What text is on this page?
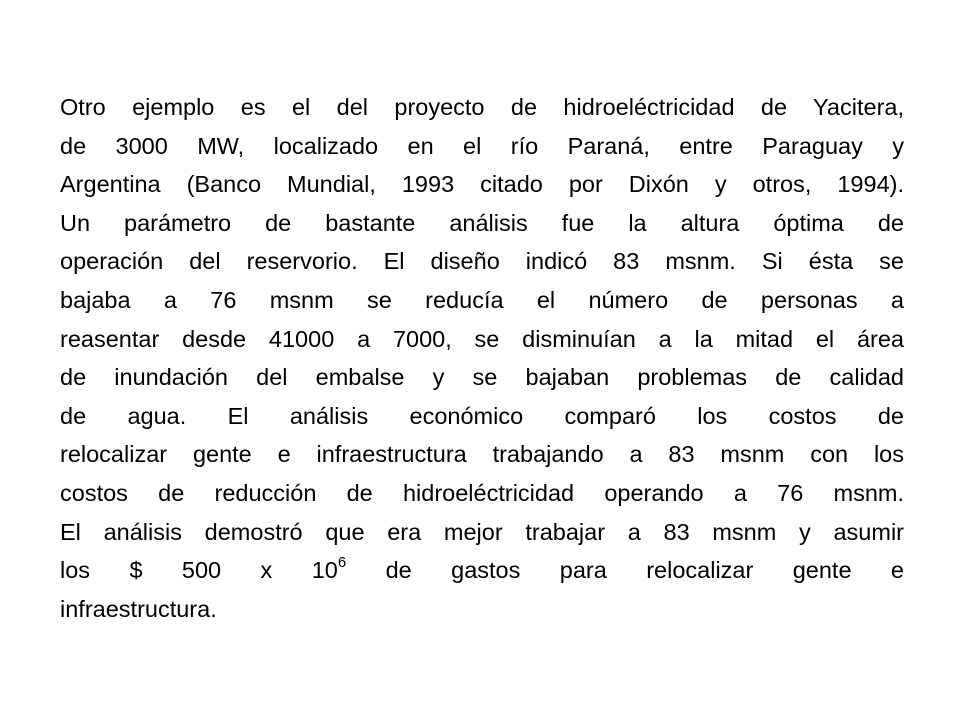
Otro ejemplo es el del proyecto de hidroeléctricidad de Yacitera,
de 3000 MW, localizado en el río Paraná, entre Paraguay y
Argentina (Banco Mundial, 1993 citado por Dixón y otros, 1994).
Un parámetro de bastante análisis fue la altura óptima de
operación del reservorio. El diseño indicó 83 msnm. Si ésta se
bajaba a 76 msnm se reducía el número de personas a
reasentar desde 41000 a 7000, se disminuían a la mitad el área
de inundación del embalse y se bajaban problemas de calidad
de agua. El análisis económico comparó los costos de
relocalizar gente e infraestructura trabajando a 83 msnm con los
costos de reducción de hidroeléctricidad operando a 76 msnm.
El análisis demostró que era mejor trabajar a 83 msnm y asumir
los $ 500 x $10^6$ de gastos para relocalizar gente e
infraestructura.
